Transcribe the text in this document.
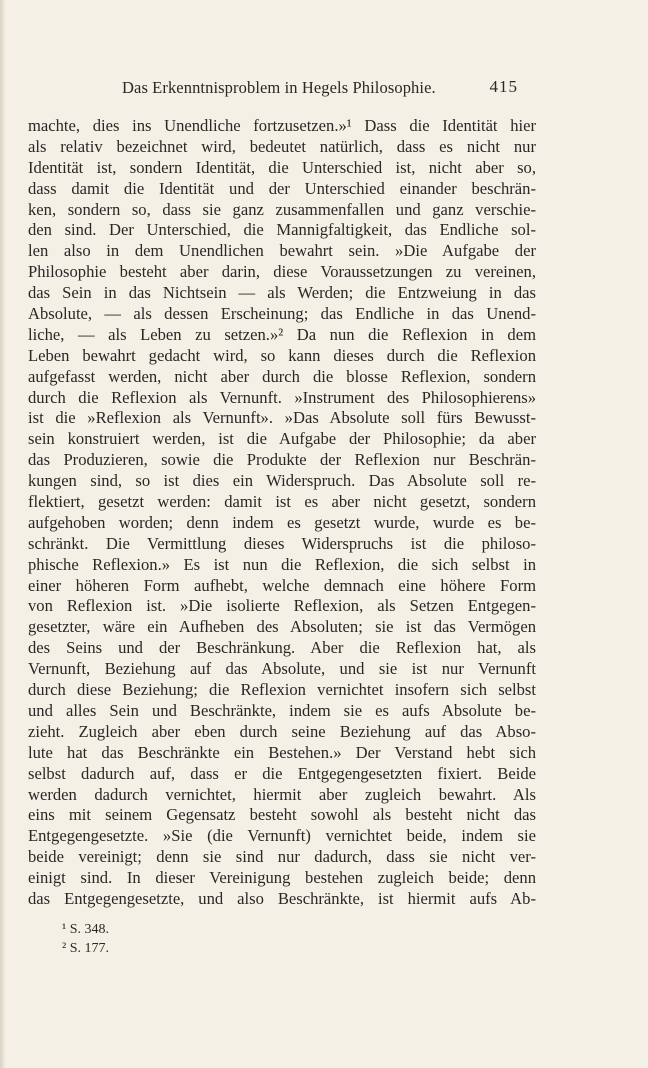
Das Erkenntnisproblem in Hegels Philosophie.	415
machte, dies ins Unendliche fortzusetzen.»¹ Dass die Identität hier
als relativ bezeichnet wird, bedeutet natürlich, dass es nicht nur
Identität ist, sondern Identität, die Unterschied ist, nicht aber so,
dass damit die Identität und der Unterschied einander beschrän-
ken, sondern so, dass sie ganz zusammenfallen und ganz verschie-
den sind. Der Unterschied, die Mannigfaltigkeit, das Endliche sol-
len also in dem Unendlichen bewahrt sein. »Die Aufgabe der
Philosophie besteht aber darin, diese Voraussetzungen zu vereinen,
das Sein in das Nichtsein — als Werden; die Entzweiung in das
Absolute, — als dessen Erscheinung; das Endliche in das Unend-
liche, — als Leben zu setzen.»² Da nun die Reflexion in dem
Leben bewahrt gedacht wird, so kann dieses durch die Reflexion
aufgefasst werden, nicht aber durch die blosse Reflexion, sondern
durch die Reflexion als Vernunft. »Instrument des Philosophierens»
ist die »Reflexion als Vernunft». »Das Absolute soll fürs Bewusst-
sein konstruiert werden, ist die Aufgabe der Philosophie; da aber
das Produzieren, sowie die Produkte der Reflexion nur Beschrän-
kungen sind, so ist dies ein Widerspruch. Das Absolute soll re-
flektiert, gesetzt werden: damit ist es aber nicht gesetzt, sondern
aufgehoben worden; denn indem es gesetzt wurde, wurde es be-
schränkt. Die Vermittlung dieses Widerspruchs ist die philoso-
phische Reflexion.» Es ist nun die Reflexion, die sich selbst in
einer höheren Form aufhebt, welche demnach eine höhere Form
von Reflexion ist. »Die isolierte Reflexion, als Setzen Entgegen-
gesetzter, wäre ein Aufheben des Absoluten; sie ist das Vermögen
des Seins und der Beschränkung. Aber die Reflexion hat, als
Vernunft, Beziehung auf das Absolute, und sie ist nur Vernunft
durch diese Beziehung; die Reflexion vernichtet insofern sich selbst
und alles Sein und Beschränkte, indem sie es aufs Absolute be-
zieht. Zugleich aber eben durch seine Beziehung auf das Abso-
lute hat das Beschränkte ein Bestehen.» Der Verstand hebt sich
selbst dadurch auf, dass er die Entgegengesetzten fixiert. Beide
werden dadurch vernichtet, hiermit aber zugleich bewahrt. Als
eins mit seinem Gegensatz besteht sowohl als besteht nicht das
Entgegengesetzte. »Sie (die Vernunft) vernichtet beide, indem sie
beide vereinigt; denn sie sind nur dadurch, dass sie nicht ver-
einigt sind. In dieser Vereinigung bestehen zugleich beide; denn
das Entgegengesetzte, und also Beschränkte, ist hiermit aufs Ab-
¹ S. 348.
² S. 177.
